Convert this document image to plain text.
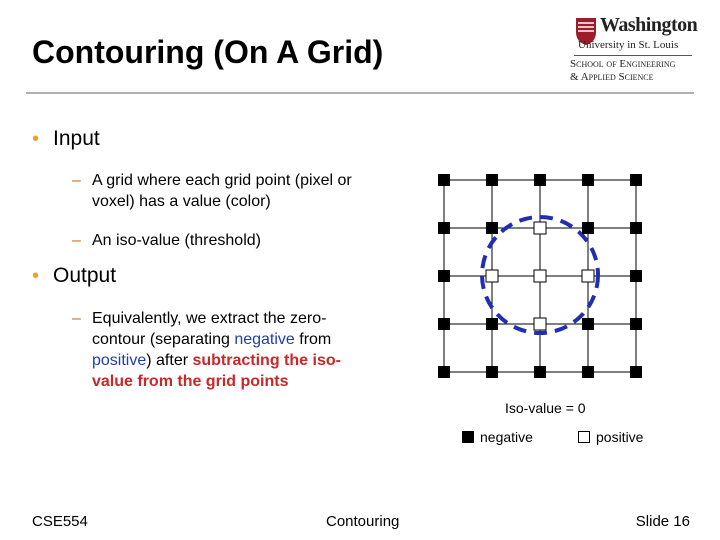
Contouring (On A Grid)
Washington
University in St. Louis
School of Engineering
& Applied Science
• Input
– A grid where each grid point (pixel or voxel) has a value (color)
– An iso-value (threshold)
• Output
– Equivalently, we extract the zero-contour (separating negative from positive) after subtracting the iso-value from the grid points
Iso-value = 0
negative	positive
CSE554	Contouring	Slide 16
